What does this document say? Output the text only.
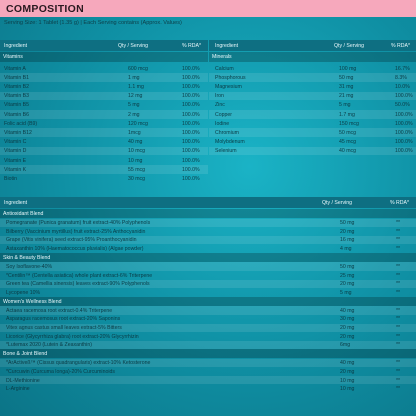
COMPOSITION
Serving Size: 1 Tablet (1.35 g) | Each Serving contains (Approx. Values)
Ingredient	Qty / Serving	% RDA*	Ingredient	Qty / Serving	% RDA*
Vitamins	Minerals
Vitamin A	600 mcg	100.0%
Vitamin B1	1 mg	100.0%
Vitamin B2	1.1 mg	100.0%
Vitamin B3	12 mg	100.0%
Vitamin B5	5 mg	100.0%
Vitamin B6	2 mg	100.0%
Folic acid (B9)	120 mcg	100.0%
Vitamin B12	1mcg	100.0%
Vitamin C	40 mg	100.0%
Vitamin D	10 mcg	100.0%
Vitamin E	10 mg	100.0%
Vitamin K	55 mcg	100.0%
Biotin	30 mcg	100.0%
Calcium	100 mg	16.7%
Phosphorous	50 mg	8.3%
Magnesium	31 mg	10.0%
Iron	21 mg	100.0%
Zinc	5 mg	50.0%
Copper	1.7 mg	100.0%
Iodine	150 mcg	100.0%
Chromium	50 mcg	100.0%
Molybdenum	45 mcg	100.0%
Selenium	40 mcg	100.0%
Ingredient	Qty / Serving	% RDA*
Antioxidant Blend
Pomegranate (Punica granatum) fruit extract-40% Polyphenols	50 mg	**
Bilberry (Vaccinium myrtillus) fruit extract-25% Anthocyanidin	20 mg	**
Grape (Vitis vinifera) seed extract-95% Proanthocyanidin	16 mg	**
Astaxanthin 10% (Haematococcus pluvialis) (Algae powder)	4 mg	**
Skin & Beauty Blend
Soy Isoflavone-40%	50 mg	**
*Centilin™ (Centella asiatica) whole plant extract-6% Triterpene	25 mg	**
Green tea (Camellia sinensis) leaves extract-90% Polyphenols	20 mg	**
Lycopene 10%	5 mg	**
Women's Wellness Blend
Actaea racemosa root extract-0.4% Triterpene	40 mg	**
Asparagus racemosus root extract-20% Saponins	30 mg	**
Vitex agnus castus small leaves extract-5% Bitters	20 mg	**
Licorice (Glycyrrhiza glabra) root extract-20% Glycyrrhizin	20 mg	**
*Lutemax 2020 (Lutein & Zeaxanthin)	6mg	**
Bone & Joint Blend
*ArActiveß™ (Cissus quadrangularis) extract-10% Ketosterone	40 mg	**
*Curcuwin (Curcuma longa)-20% Curcuminoids	20 mg	**
DL-Methionine	10 mg	**
L-Arginine	10 mg	**
